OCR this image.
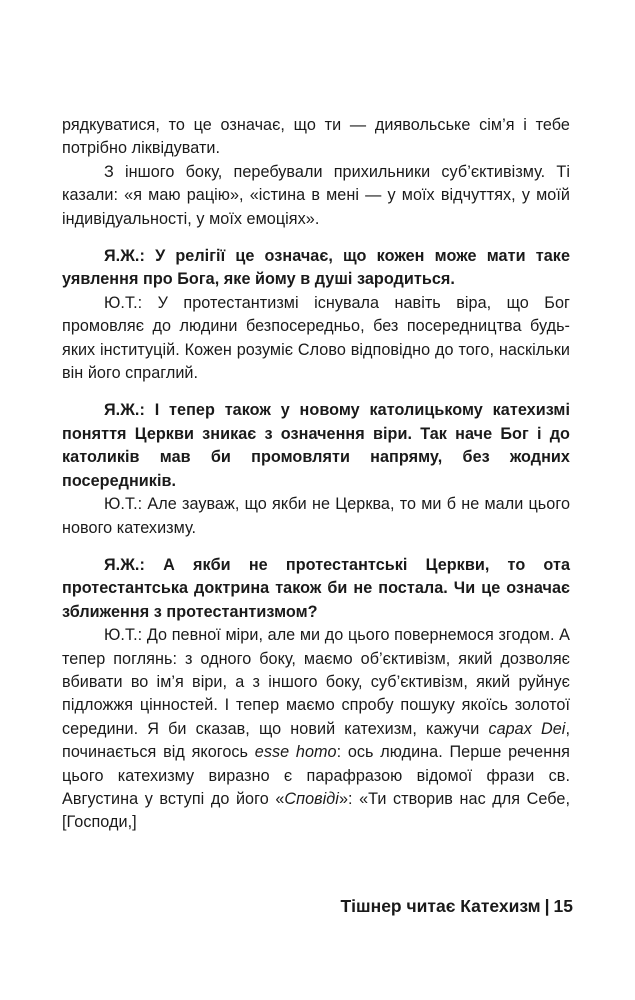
рядкуватися, то це означає, що ти — диявольське сім’я і тебе потрібно ліквідувати.

З іншого боку, перебували прихильники суб’єктивізму. Ті казали: «я маю рацію», «істина в мені — у моїх відчуттях, у моїй індивідуальності, у моїх емоціях».

Я.Ж.: У релігії це означає, що кожен може мати таке уявлення про Бога, яке йому в душі зародиться.

Ю.Т.: У протестантизмі існувала навіть віра, що Бог промовляє до людини безпосередньо, без посередництва будь-яких інституцій. Кожен розуміє Слово відповідно до того, наскільки він його спраглий.

Я.Ж.: І тепер також у новому католицькому катехизмі поняття Церкви зникає з означення віри. Так наче Бог і до католиків мав би промовляти напряму, без жодних посередників.

Ю.Т.: Але зауваж, що якби не Церква, то ми б не мали цього нового катехизму.

Я.Ж.: А якби не протестантські Церкви, то ота протестантська доктрина також би не постала. Чи це означає зближення з протестантизмом?

Ю.Т.: До певної міри, але ми до цього повернемося згодом. А тепер поглянь: з одного боку, маємо об’єктивізм, який дозволяє вбивати во ім’я віри, а з іншого боку, суб’єктивізм, який руйнує підложжя цінностей. І тепер маємо спробу пошуку якоїсь золотої середини. Я би сказав, що новий катехизм, кажучи capax Dei, починається від якогось esse homo: ось людина. Перше речення цього катехизму виразно є парафразою відомої фрази св. Августина у вступі до його «Сповіді»: «Ти створив нас для Себе, [Господи,]

Тішнер читає Катехизм | 15
